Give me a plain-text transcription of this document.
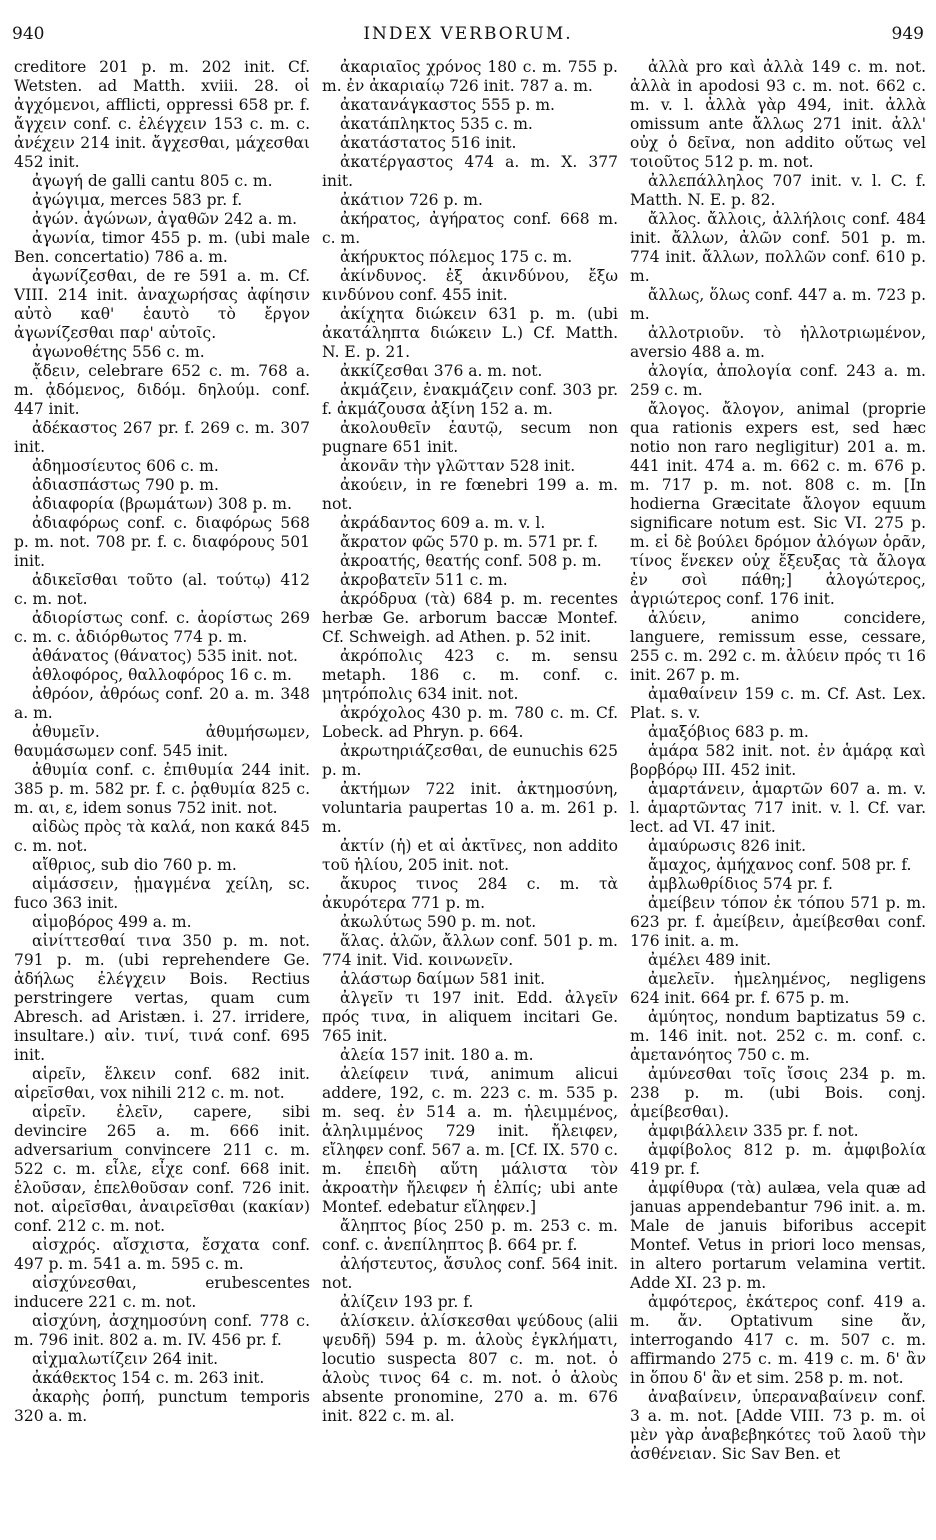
940	INDEX VERBORUM.	949

creditore 201 p. m. 202 init. Cf. Wetsten. ad Matth. xviii. 28. οἱ ἀγχόμενοι, afflicti, oppressi 658 pr. f. ἄγχειν conf. c. ἐλέγχειν 153 c. m. c. ἀνέχειν 214 init. ἄγχεσθαι, μάχεσθαι 452 init.

ἀγωγή de galli cantu 805 c. m.

ἀγώγιμα, merces 583 pr. f.

ἀγών. ἀγώνων, ἀγαθῶν 242 a. m.

ἀγωνία, timor 455 p. m. (ubi male Ben. concertatio) 786 a. m.

ἀγωνίζεσθαι, de re 591 a. m. Cf. VIII. 214 init. ἀναχωρήσας ἀφίησιν αὐτὸ καθ' ἑαυτὸ τὸ ἔργον ἀγωνίζεσθαι παρ' αὑτοῖς.

ἀγωνοθέτης 556 c. m.

ᾄδειν, celebrare 652 c. m. 768 a. m. ᾀδόμενος, διδόμ. δηλούμ. conf. 447 init.

ἀδέκαστος 267 pr. f. 269 c. m. 307 init.

ἀδημοσίευτος 606 c. m.

ἀδιασπάστως 790 p. m.

ἀδιαφορία (βρωμάτων) 308 p. m.

ἀδιαφόρως conf. c. διαφόρως 568 p. m. not. 708 pr. f. c. διαφόρους 501 init.

ἀδικεῖσθαι τοῦτο (al. τούτῳ) 412 c. m. not.

ἀδιορίστως conf. c. ἀορίστως 269 c. m. c. ἀδιόρθωτος 774 p. m.

ἀθάνατος (θάνατος) 535 init. not.

ἀθλοφόρος, θαλλοφόρος 16 c. m.

ἀθρόον, ἀθρόως conf. 20 a. m. 348 a. m.

ἀθυμεῖν. ἀθυμήσωμεν, θαυμάσωμεν conf. 545 init.

ἀθυμία conf. c. ἐπιθυμία 244 init. 385 p. m. 582 pr. f. c. ῥᾳθυμία 825 c. m. αι, ε, idem sonus 752 init. not.

αἰδὼς πρὸς τὰ καλά, non κακά 845 c. m. not.

αἴθριος, sub dio 760 p. m.

αἱμάσσειν, ᾑμαγμένα χείλη, sc. fuco 363 init.

αἱμοβόρος 499 a. m.

αἰνίττεσθαί τινα 350 p. m. not. 791 p. m. (ubi reprehendere Ge. ἀδήλως ἐλέγχειν Bois. Rectius perstringere vertas, quam cum Abresch. ad Aristæn. i. 27. irridere, insultare.) αἰν. τινί, τινά conf. 695 init.

αἱρεῖν, ἕλκειν conf. 682 init. αἱρεῖσθαι, vox nihili 212 c. m. not.

αἱρεῖν. ἑλεῖν, capere, sibi devincire 265 a. m. 666 init. adversarium convincere 211 c. m. 522 c. m. εἷλε, εἶχε conf. 668 init. ἑλοῦσαν, ἐπελθοῦσαν conf. 726 init. not. αἱρεῖσθαι, ἀναιρεῖσθαι (κακίαν) conf. 212 c. m. not.

αἰσχρός. αἴσχιστα, ἔσχατα conf. 497 p. m. 541 a. m. 595 c. m.

αἰσχύνεσθαι, erubescentes inducere 221 c. m. not.

αἰσχύνη, ἀσχημοσύνη conf. 778 c. m. 796 init. 802 a. m. IV. 456 pr. f.

αἰχμαλωτίζειν 264 init.

ἀκάθεκτος 154 c. m. 263 init.

ἀκαρὴς ῥοπή, punctum temporis 320 a. m.

ἀκαριαῖος χρόνος 180 c. m. 755 p. m. ἐν ἀκαριαίῳ 726 init. 787 a. m.

ἀκατανάγκαστος 555 p. m.

ἀκατάπληκτος 535 c. m.

ἀκατάστατος 516 init.

ἀκατέργαστος 474 a. m. X. 377 init.

ἀκάτιον 726 p. m.

ἀκήρατος, ἀγήρατος conf. 668 m. c. m.

ἀκήρυκτος πόλεμος 175 c. m.

ἀκίνδυνος. ἐξ ἀκινδύνου, ἔξω κινδύνου conf. 455 init.

ἀκίχητα διώκειν 631 p. m. (ubi ἀκατάληπτα διώκειν L.) Cf. Matth. N. E. p. 21.

ἀκκίζεσθαι 376 a. m. not.

ἀκμάζειν, ἐνακμάζειν conf. 303 pr. f. ἀκμάζουσα ἀξίνη 152 a. m.

ἀκολουθεῖν ἑαυτῷ, secum non pugnare 651 init.

ἀκονᾶν τὴν γλῶτταν 528 init.

ἀκούειν, in re fœnebri 199 a. m. not.

ἀκράδαντος 609 a. m. v. l.

ἄκρατον φῶς 570 p. m. 571 pr. f.

ἀκροατής, θεατής conf. 508 p. m.

ἀκροβατεῖν 511 c. m.

ἀκρόδρυα (τὰ) 684 p. m. recentes herbæ Ge. arborum baccæ Montef. Cf. Schweigh. ad Athen. p. 52 init.

ἀκρόπολις 423 c. m. sensu metaph. 186 c. m. conf. c. μητρόπολις 634 init. not.

ἀκρόχολος 430 p. m. 780 c. m. Cf. Lobeck. ad Phryn. p. 664.

ἀκρωτηριάζεσθαι, de eunuchis 625 p. m.

ἀκτήμων 722 init. ἀκτημοσύνη, voluntaria paupertas 10 a. m. 261 p. m.

ἀκτίν (ἡ) et αἱ ἀκτῖνες, non addito τοῦ ἡλίου, 205 init. not.

ἄκυρος τινος 284 c. m. τὰ ἀκυρότερα 771 p. m.

ἀκωλύτως 590 p. m. not.

ἅλας. ἁλῶν, ἄλλων conf. 501 p. m. 774 init. Vid. κοινωνεῖν.

ἀλάστωρ δαίμων 581 init.

ἀλγεῖν τι 197 init. Edd. ἀλγεῖν πρός τινα, in aliquem incitari Ge. 765 init.

ἀλεία 157 init. 180 a. m.

ἀλείφειν τινά, animum alicui addere, 192, c. m. 223 c. m. 535 p. m. seq. ἐν 514 a. m. ἠλειμμένος, ἀληλιμμένος 729 init. ἤλειφεν, εἴληφεν conf. 567 a. m. [Cf. IX. 570 c. m. ἐπειδὴ αὕτη μάλιστα τὸν ἀκροατὴν ἤλειφεν ἡ ἐλπίς; ubi ante Montef. edebatur εἴληφεν.]

ἄληπτος βίος 250 p. m. 253 c. m. conf. c. ἀνεπίληπτος β. 664 pr. f.

ἀλήστευτος, ἄσυλος conf. 564 init. not.

ἀλίζειν 193 pr. f.

ἁλίσκειν. ἁλίσκεσθαι ψεύδους (alii ψευδῆ) 594 p. m. ἁλοὺς ἐγκλήματι, locutio suspecta 807 c. m. not. ὁ ἁλοὺς τινος 64 c. m. not. ὁ ἁλοὺς absente pronomine, 270 a. m. 676 init. 822 c. m. al.

ἀλλὰ pro καὶ ἀλλὰ 149 c. m. not. ἀλλὰ in apodosi 93 c. m. not. 662 c. m. v. l. ἀλλὰ γὰρ 494, init. ἀλλὰ omissum ante ἄλλως 271 init. ἀλλ' οὐχ ὁ δεῖνα, non addito οὕτως vel τοιοῦτος 512 p. m. not.

ἀλλεπάλληλος 707 init. v. l. C. f. Matth. N. E. p. 82.

ἄλλος. ἄλλοις, ἀλλήλοις conf. 484 init. ἄλλων, ἀλῶν conf. 501 p. m. 774 init. ἄλλων, πολλῶν conf. 610 p. m.

ἄλλως, ὅλως conf. 447 a. m. 723 p. m.

ἀλλοτριοῦν. τὸ ἠλλοτριωμένον, aversio 488 a. m.

ἀλογία, ἀπολογία conf. 243 a. m. 259 c. m.

ἄλογος. ἄλογον, animal (proprie qua rationis expers est, sed hæc notio non raro negligitur) 201 a. m. 441 init. 474 a. m. 662 c. m. 676 p. m. 717 p. m. not. 808 c. m. [In hodierna Græcitate ἄλογον equum significare notum est. Sic VI. 275 p. m. εἰ δὲ βούλει δρόμον ἀλόγων ὁρᾶν, τίνος ἕνεκεν οὐχ ἔξευξας τὰ ἄλογα ἐν σοὶ πάθη;] ἀλογώτερος, ἀγριώτερος conf. 176 init.

ἀλύειν, animo concidere, languere, remissum esse, cessare, 255 c. m. 292 c. m. ἀλύειν πρός τι 16 init. 267 p. m.

ἀμαθαίνειν 159 c. m. Cf. Ast. Lex. Plat. s. v.

ἀμαξόβιος 683 p. m.

ἁμάρα 582 init. not. ἐν ἁμάρᾳ καὶ βορβόρῳ III. 452 init.

ἁμαρτάνειν, ἁμαρτῶν 607 a. m. v. l. ἁμαρτῶντας 717 init. v. l. Cf. var. lect. ad VI. 47 init.

ἀμαύρωσις 826 init.

ἄμαχος, ἀμήχανος conf. 508 pr. f.

ἀμβλωθρίδιος 574 pr. f.

ἀμείβειν τόπον ἐκ τόπου 571 p. m. 623 pr. f. ἀμείβειν, ἀμείβεσθαι conf. 176 init. a. m.

ἀμέλει 489 init.

ἀμελεῖν. ἠμελημένος, negligens 624 init. 664 pr. f. 675 p. m.

ἀμύητος, nondum baptizatus 59 c. m. 146 init. not. 252 c. m. conf. c. ἀμετανόητος 750 c. m.

ἀμύνεσθαι τοῖς ἴσοις 234 p. m. 238 p. m. (ubi Bois. conj. ἀμείβεσθαι).

ἀμφιβάλλειν 335 pr. f. not.

ἀμφίβολος 812 p. m. ἀμφιβολία 419 pr. f.

ἀμφίθυρα (τὰ) aulæa, vela quæ ad januas appendebantur 796 init. a. m. Male de januis biforibus accepit Montef. Vetus in priori loco mensas, in altero portarum velamina vertit. Adde XI. 23 p. m.

ἀμφότερος, ἑκάτερος conf. 419 a. m. ἄν. Optativum sine ἄν, interrogando 417 c. m. 507 c. m. affirmando 275 c. m. 419 c. m. δ' ἂν in ὅπου δ' ἂν et sim. 258 p. m. not.

ἀναβαίνειν, ὑπεραναβαίνειν conf. 3 a. m. not. [Adde VIII. 73 p. m. οἱ μὲν γὰρ ἀναβεβηκότες τοῦ λαοῦ τὴν ἀσθένειαν. Sic Sav Ben. et
